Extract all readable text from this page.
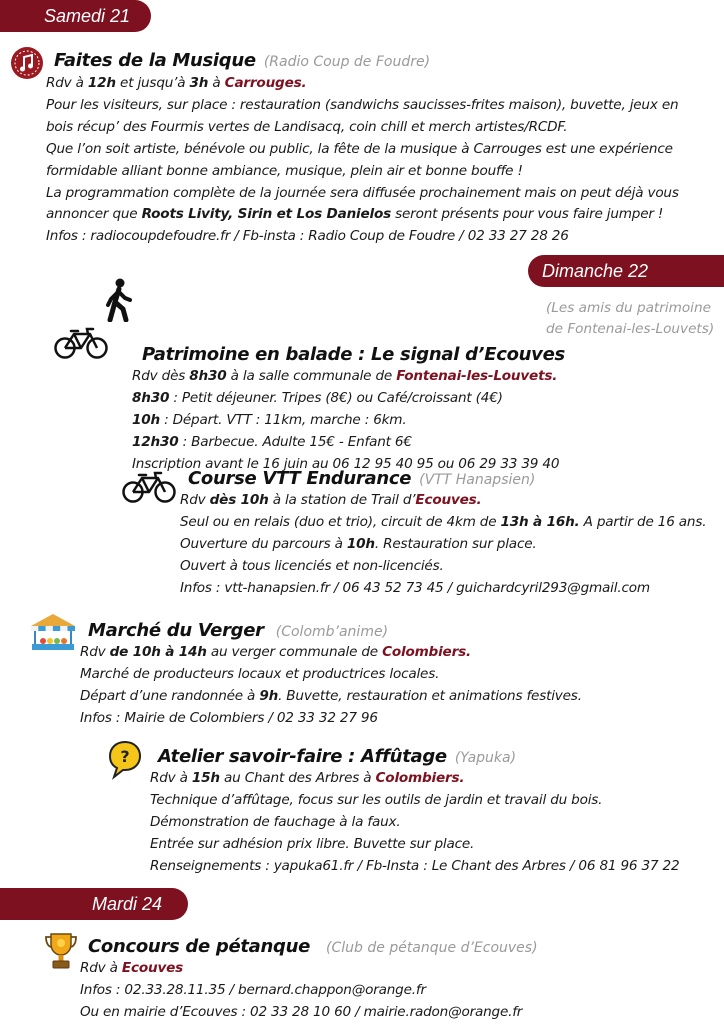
Samedi 21
Faites de la Musique (Radio Coup de Foudre)
Rdv à 12h et jusqu’à 3h à Carrouges.
Pour les visiteurs, sur place : restauration (sandwichs saucisses-frites maison), buvette, jeux en
bois récup’ des Fourmis vertes de Landisacq, coin chill et merch artistes/RCDF.
Que l’on soit artiste, bénévole ou public, la fête de la musique à Carrouges est une expérience
formidable alliant bonne ambiance, musique, plein air et bonne bouffe !
La programmation complète de la journée sera diffusée prochainement mais on peut déjà vous
annoncer que Roots Livity, Sirin et Los Danielos seront présents pour vous faire jumper !
Infos : radiocoupdefoudre.fr / Fb-insta : Radio Coup de Foudre / 02 33 27 28 26
Dimanche 22
(Les amis du patrimoine
de Fontenai-les-Louvets)
Patrimoine en balade : Le signal d’Ecouves
Rdv dès 8h30 à la salle communale de Fontenai-les-Louvets.
8h30 : Petit déjeuner. Tripes (8€) ou Café/croissant (4€)
10h : Départ. VTT : 11km, marche : 6km.
12h30 : Barbecue. Adulte 15€ - Enfant 6€
Inscription avant le 16 juin au 06 12 95 40 95 ou 06 29 33 39 40
Course VTT Endurance (VTT Hanapsien)
Rdv dès 10h à la station de Trail d’Ecouves.
Seul ou en relais (duo et trio), circuit de 4km de 13h à 16h. A partir de 16 ans.
Ouverture du parcours à 10h. Restauration sur place.
Ouvert à tous licenciés et non-licenciés.
Infos : vtt-hanapsien.fr / 06 43 52 73 45 / guichardcyril293@gmail.com
Marché du Verger (Colomb’anime)
Rdv de 10h à 14h au verger communale de Colombiers.
Marché de producteurs locaux et productrices locales.
Départ d’une randonnée à 9h. Buvette, restauration et animations festives.
Infos : Mairie de Colombiers / 02 33 32 27 96
? Atelier savoir-faire : Affûtage (Yapuka)
Rdv à 15h au Chant des Arbres à Colombiers.
Technique d’affûtage, focus sur les outils de jardin et travail du bois.
Démonstration de fauchage à la faux.
Entrée sur adhésion prix libre. Buvette sur place.
Renseignements : yapuka61.fr / Fb-Insta : Le Chant des Arbres / 06 81 96 37 22
Mardi 24
Concours de pétanque (Club de pétanque d’Ecouves)
Rdv à Ecouves
Infos : 02.33.28.11.35 / bernard.chappon@orange.fr
Ou en mairie d’Ecouves : 02 33 28 10 60 / mairie.radon@orange.fr
